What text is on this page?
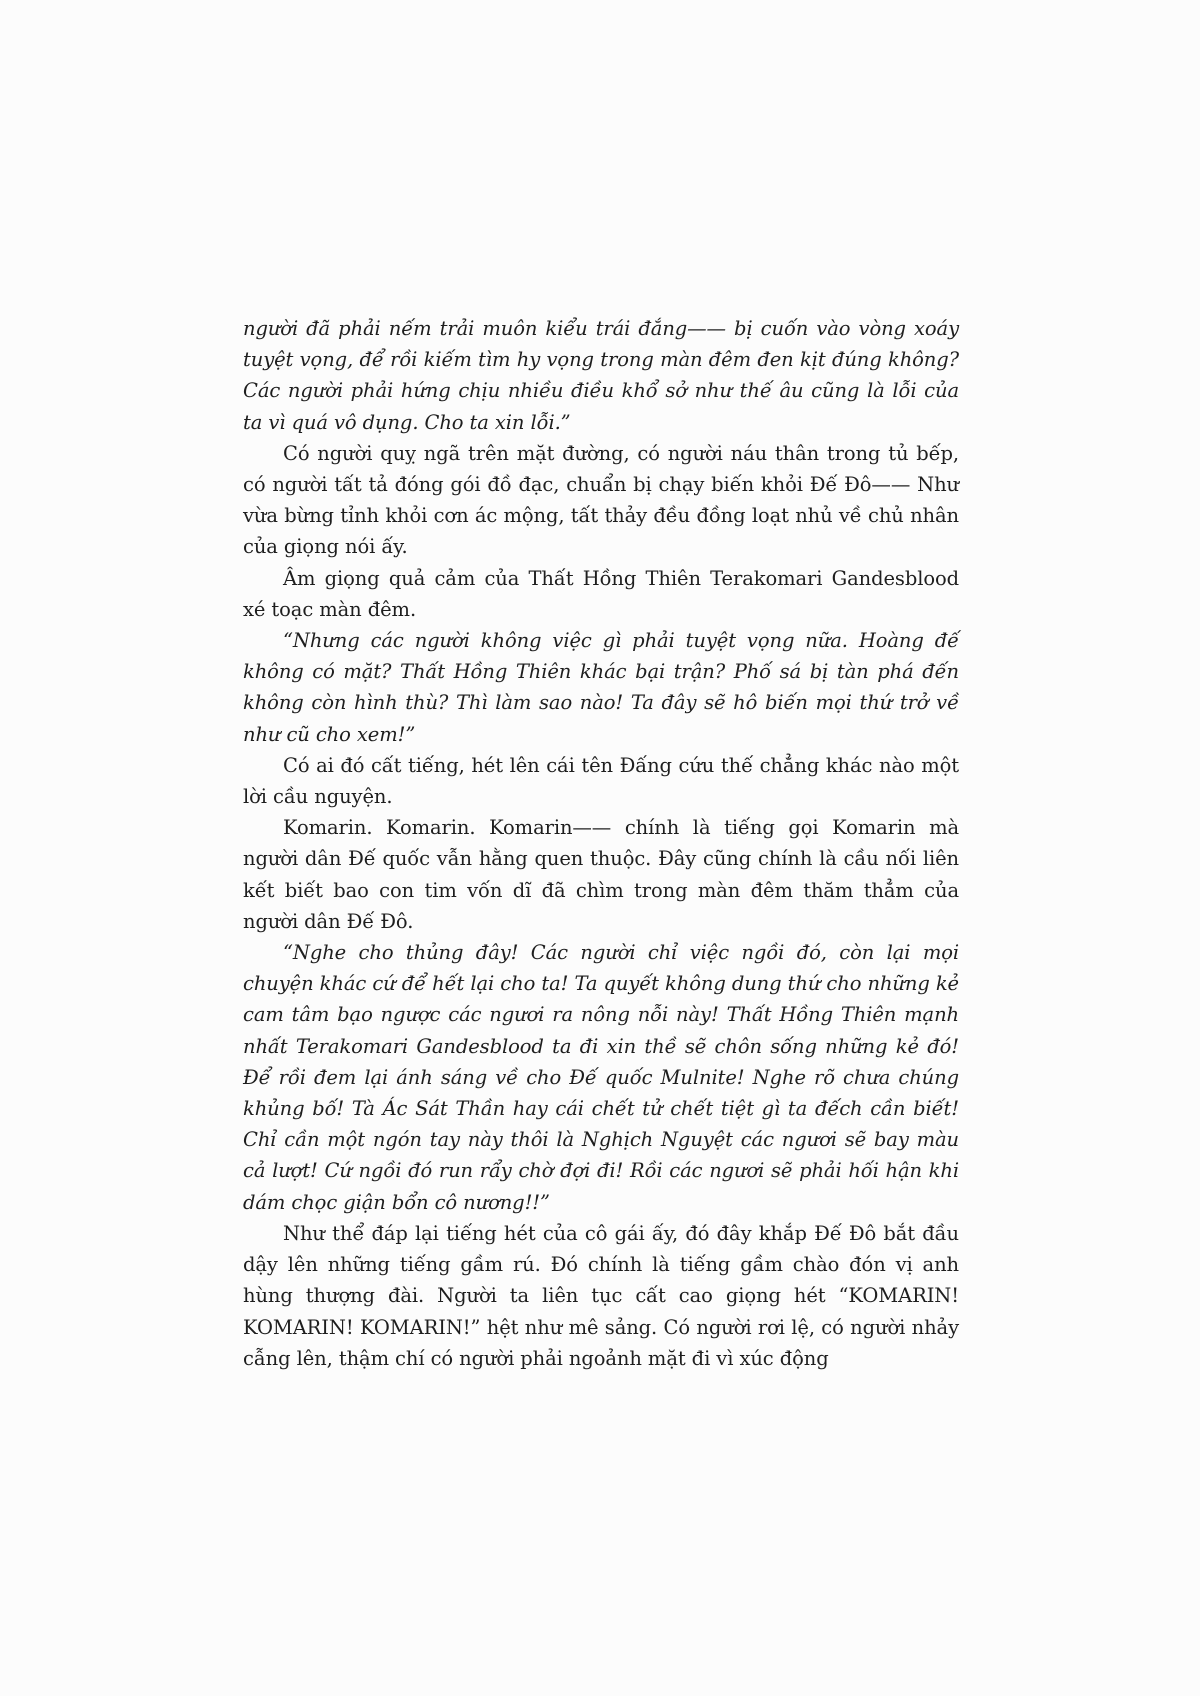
người đã phải nếm trải muôn kiểu trái đắng—— bị cuốn vào vòng xoáy tuyệt vọng, để rồi kiếm tìm hy vọng trong màn đêm đen kịt đúng không? Các người phải hứng chịu nhiều điều khổ sở như thế âu cũng là lỗi của ta vì quá vô dụng. Cho ta xin lỗi.”

Có người quỵ ngã trên mặt đường, có người náu thân trong tủ bếp, có người tất tả đóng gói đồ đạc, chuẩn bị chạy biến khỏi Đế Đô—— Như vừa bừng tỉnh khỏi cơn ác mộng, tất thảy đều đồng loạt nhủ về chủ nhân của giọng nói ấy.

Âm giọng quả cảm của Thất Hồng Thiên Terakomari Gandesblood xé toạc màn đêm.

“Nhưng các người không việc gì phải tuyệt vọng nữa. Hoàng đế không có mặt? Thất Hồng Thiên khác bại trận? Phố sá bị tàn phá đến không còn hình thù? Thì làm sao nào! Ta đây sẽ hô biến mọi thứ trở về như cũ cho xem!”

Có ai đó cất tiếng, hét lên cái tên Đấng cứu thế chẳng khác nào một lời cầu nguyện.

Komarin. Komarin. Komarin—— chính là tiếng gọi Komarin mà người dân Đế quốc vẫn hằng quen thuộc. Đây cũng chính là cầu nối liên kết biết bao con tim vốn dĩ đã chìm trong màn đêm thăm thẳm của người dân Đế Đô.

“Nghe cho thủng đây! Các người chỉ việc ngồi đó, còn lại mọi chuyện khác cứ để hết lại cho ta! Ta quyết không dung thứ cho những kẻ cam tâm bạo ngược các ngươi ra nông nỗi này! Thất Hồng Thiên mạnh nhất Terakomari Gandesblood ta đi xin thề sẽ chôn sống những kẻ đó! Để rồi đem lại ánh sáng về cho Đế quốc Mulnite! Nghe rõ chưa chúng khủng bố! Tà Ác Sát Thần hay cái chết tử chết tiệt gì ta đếch cần biết! Chỉ cần một ngón tay này thôi là Nghịch Nguyệt các ngươi sẽ bay màu cả lượt! Cứ ngồi đó run rẩy chờ đợi đi! Rồi các ngươi sẽ phải hối hận khi dám chọc giận bổn cô nương!!”

Như thể đáp lại tiếng hét của cô gái ấy, đó đây khắp Đế Đô bắt đầu dậy lên những tiếng gầm rú. Đó chính là tiếng gầm chào đón vị anh hùng thượng đài. Người ta liên tục cất cao giọng hét “KOMARIN! KOMARIN! KOMARIN!” hệt như mê sảng. Có người rơi lệ, có người nhảy cẫng lên, thậm chí có người phải ngoảnh mặt đi vì xúc động
